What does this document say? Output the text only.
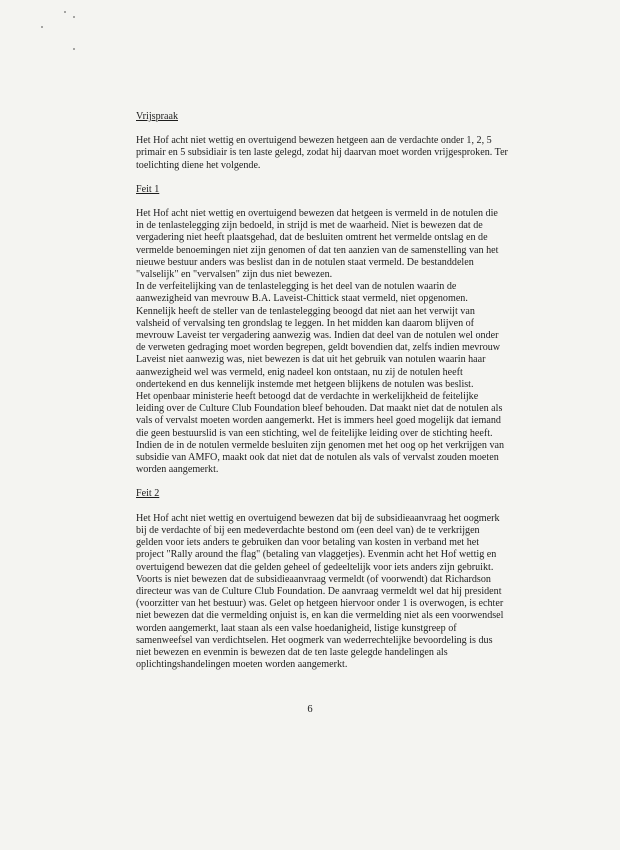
Vrijspraak

Het Hof acht niet wettig en overtuigend bewezen hetgeen aan de verdachte onder 1, 2, 5 primair en 5 subsidiair is ten laste gelegd, zodat hij daarvan moet worden vrijgesproken. Ter toelichting diene het volgende.

Feit 1

Het Hof acht niet wettig en overtuigend bewezen dat hetgeen is vermeld in de notulen die in de tenlastelegging zijn bedoeld, in strijd is met de waarheid. Niet is bewezen dat de vergadering niet heeft plaatsgehad, dat de besluiten omtrent het vermelde ontslag en de vermelde benoemingen niet zijn genomen of dat ten aanzien van de samenstelling van het nieuwe bestuur anders was beslist dan in de notulen staat vermeld. De bestanddelen "valselijk" en "vervalsen" zijn dus niet bewezen.

In de verfeitelijking van de tenlastelegging is het deel van de notulen waarin de aanwezigheid van mevrouw B.A. Laveist-Chittick staat vermeld, niet opgenomen. Kennelijk heeft de steller van de tenlastelegging beoogd dat niet aan het verwijt van valsheid of vervalsing ten grondslag te leggen. In het midden kan daarom blijven of mevrouw Laveist ter vergadering aanwezig was. Indien dat deel van de notulen wel onder de verweten gedraging moet worden begrepen, geldt bovendien dat, zelfs indien mevrouw Laveist niet aanwezig was, niet bewezen is dat uit het gebruik van notulen waarin haar aanwezigheid wel was vermeld, enig nadeel kon ontstaan, nu zij de notulen heeft ondertekend en dus kennelijk instemde met hetgeen blijkens de notulen was beslist.

Het openbaar ministerie heeft betoogd dat de verdachte in werkelijkheid de feitelijke leiding over de Culture Club Foundation bleef behouden. Dat maakt niet dat de notulen als vals of vervalst moeten worden aangemerkt. Het is immers heel goed mogelijk dat iemand die geen bestuurslid is van een stichting, wel de feitelijke leiding over de stichting heeft. Indien de in de notulen vermelde besluiten zijn genomen met het oog op het verkrijgen van subsidie van AMFO, maakt ook dat niet dat de notulen als vals of vervalst zouden moeten worden aangemerkt.

Feit 2

Het Hof acht niet wettig en overtuigend bewezen dat bij de subsidieaanvraag het oogmerk bij de verdachte of bij een medeverdachte bestond om (een deel van) de te verkrijgen gelden voor iets anders te gebruiken dan voor betaling van kosten in verband met het project "Rally around the flag" (betaling van vlaggetjes). Evenmin acht het Hof wettig en overtuigend bewezen dat die gelden geheel of gedeeltelijk voor iets anders zijn gebruikt. Voorts is niet bewezen dat de subsidieaanvraag vermeldt (of voorwendt) dat Richardson directeur was van de Culture Club Foundation. De aanvraag vermeldt wel dat hij president (voorzitter van het bestuur) was. Gelet op hetgeen hiervoor onder 1 is overwogen, is echter niet bewezen dat die vermelding onjuist is, en kan die vermelding niet als een voorwendsel worden aangemerkt, laat staan als een valse hoedanigheid, listige kunstgreep of samenweefsel van verdichtselen. Het oogmerk van wederrechtelijke bevoordeling is dus niet bewezen en evenmin is bewezen dat de ten laste gelegde handelingen als oplichtingshandelingen moeten worden aangemerkt.

6
